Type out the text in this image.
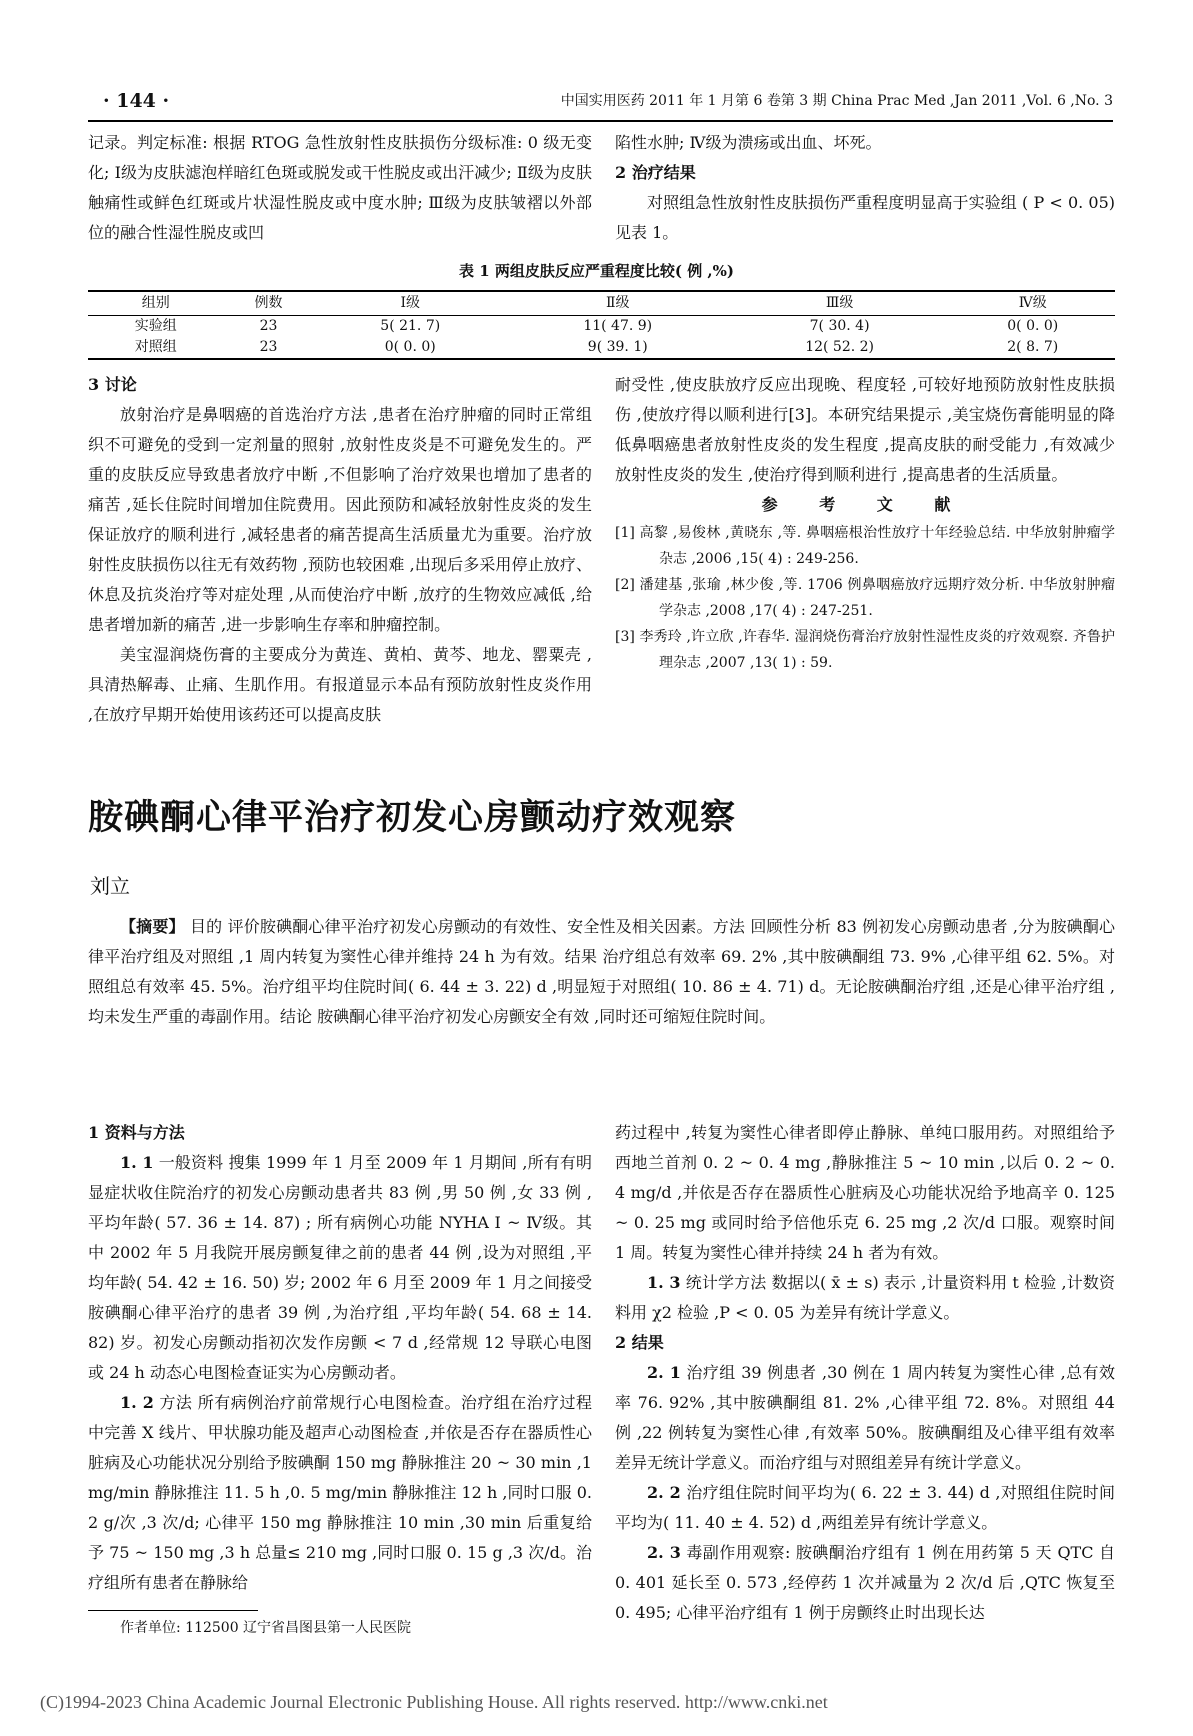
· 144 ·	中国实用医药 2011 年 1 月第 6 卷第 3 期 China Prac Med ,Jan 2011 ,Vol. 6 ,No. 3

记录。判定标准: 根据 RTOG 急性放射性皮肤损伤分级标准: 0 级无变化; Ⅰ级为皮肤滤泡样暗红色斑或脱发或干性脱皮或出汗减少; Ⅱ级为皮肤触痛性或鲜色红斑或片状湿性脱皮或中度水肿; Ⅲ级为皮肤皱褶以外部位的融合性湿性脱皮或凹

陷性水肿; Ⅳ级为溃疡或出血、坏死。

2 治疗结果

对照组急性放射性皮肤损伤严重程度明显高于实验组 ( P < 0. 05) 见表 1。

表 1 两组皮肤反应严重程度比较( 例 ,%)
组别	例数	Ⅰ级	Ⅱ级	Ⅲ级	Ⅳ级
实验组	23	5( 21. 7)	11( 47. 9)	7( 30. 4)	0( 0. 0)
对照组	23	0( 0. 0)	9( 39. 1)	12( 52. 2)	2( 8. 7)

3 讨论

放射治疗是鼻咽癌的首选治疗方法 ,患者在治疗肿瘤的同时正常组织不可避免的受到一定剂量的照射 ,放射性皮炎是不可避免发生的。严重的皮肤反应导致患者放疗中断 ,不但影响了治疗效果也增加了患者的痛苦 ,延长住院时间增加住院费用。因此预防和减轻放射性皮炎的发生保证放疗的顺利进行 ,减轻患者的痛苦提高生活质量尤为重要。治疗放射性皮肤损伤以往无有效药物 ,预防也较困难 ,出现后多采用停止放疗、休息及抗炎治疗等对症处理 ,从而使治疗中断 ,放疗的生物效应减低 ,给患者增加新的痛苦 ,进一步影响生存率和肿瘤控制。

美宝湿润烧伤膏的主要成分为黄连、黄柏、黄芩、地龙、罂粟壳 ,具清热解毒、止痛、生肌作用。有报道显示本品有预防放射性皮炎作用 ,在放疗早期开始使用该药还可以提高皮肤

耐受性 ,使皮肤放疗反应出现晚、程度轻 ,可较好地预防放射性皮肤损伤 ,使放疗得以顺利进行[3]。本研究结果提示 ,美宝烧伤膏能明显的降低鼻咽癌患者放射性皮炎的发生程度 ,提高皮肤的耐受能力 ,有效减少放射性皮炎的发生 ,使治疗得到顺利进行 ,提高患者的生活质量。

参 考 文 献

[1] 高黎 ,易俊林 ,黄晓东 ,等. 鼻咽癌根治性放疗十年经验总结. 中华放射肿瘤学杂志 ,2006 ,15( 4) : 249-256.

[2] 潘建基 ,张瑜 ,林少俊 ,等. 1706 例鼻咽癌放疗远期疗效分析. 中华放射肿瘤学杂志 ,2008 ,17( 4) : 247-251.

[3] 李秀玲 ,许立欣 ,许春华. 湿润烧伤膏治疗放射性湿性皮炎的疗效观察. 齐鲁护理杂志 ,2007 ,13( 1) : 59.

胺碘酮心律平治疗初发心房颤动疗效观察
刘立
【摘要】 目的 评价胺碘酮心律平治疗初发心房颤动的有效性、安全性及相关因素。方法 回顾性分析 83 例初发心房颤动患者 ,分为胺碘酮心律平治疗组及对照组 ,1 周内转复为窦性心律并维持 24 h 为有效。结果 治疗组总有效率 69. 2% ,其中胺碘酮组 73. 9% ,心律平组 62. 5%。对照组总有效率 45. 5%。治疗组平均住院时间( 6. 44 ± 3. 22) d ,明显短于对照组( 10. 86 ± 4. 71) d。无论胺碘酮治疗组 ,还是心律平治疗组 ,均未发生严重的毒副作用。结论 胺碘酮心律平治疗初发心房颤安全有效 ,同时还可缩短住院时间。

1 资料与方法

1. 1 一般资料 搜集 1999 年 1 月至 2009 年 1 月期间 ,所有有明显症状收住院治疗的初发心房颤动患者共 83 例 ,男 50 例 ,女 33 例 ,平均年龄( 57. 36 ± 14. 87) ; 所有病例心功能 NYHA Ⅰ ~ Ⅳ级。其中 2002 年 5 月我院开展房颤复律之前的患者 44 例 ,设为对照组 ,平均年龄( 54. 42 ± 16. 50) 岁; 2002 年 6 月至 2009 年 1 月之间接受胺碘酮心律平治疗的患者 39 例 ,为治疗组 ,平均年龄( 54. 68 ± 14. 82) 岁。初发心房颤动指初次发作房颤 < 7 d ,经常规 12 导联心电图或 24 h 动态心电图检查证实为心房颤动者。

1. 2 方法 所有病例治疗前常规行心电图检查。治疗组在治疗过程中完善 X 线片、甲状腺功能及超声心动图检查 ,并依是否存在器质性心脏病及心功能状况分别给予胺碘酮 150 mg 静脉推注 20 ~ 30 min ,1 mg/min 静脉推注 11. 5 h ,0. 5 mg/min 静脉推注 12 h ,同时口服 0. 2 g/次 ,3 次/d; 心律平 150 mg 静脉推注 10 min ,30 min 后重复给予 75 ~ 150 mg ,3 h 总量≤ 210 mg ,同时口服 0. 15 g ,3 次/d。治疗组所有患者在静脉给

药过程中 ,转复为窦性心律者即停止静脉、单纯口服用药。对照组给予西地兰首剂 0. 2 ~ 0. 4 mg ,静脉推注 5 ~ 10 min ,以后 0. 2 ~ 0. 4 mg/d ,并依是否存在器质性心脏病及心功能状况给予地高辛 0. 125 ~ 0. 25 mg 或同时给予倍他乐克 6. 25 mg ,2 次/d 口服。观察时间 1 周。转复为窦性心律并持续 24 h 者为有效。

1. 3 统计学方法 数据以( x̄ ± s) 表示 ,计量资料用 t 检验 ,计数资料用 χ2 检验 ,P < 0. 05 为差异有统计学意义。

2 结果

2. 1 治疗组 39 例患者 ,30 例在 1 周内转复为窦性心律 ,总有效率 76. 92% ,其中胺碘酮组 81. 2% ,心律平组 72. 8%。对照组 44 例 ,22 例转复为窦性心律 ,有效率 50%。胺碘酮组及心律平组有效率差异无统计学意义。而治疗组与对照组差异有统计学意义。

2. 2 治疗组住院时间平均为( 6. 22 ± 3. 44) d ,对照组住院时间平均为( 11. 40 ± 4. 52) d ,两组差异有统计学意义。

2. 3 毒副作用观察: 胺碘酮治疗组有 1 例在用药第 5 天 QTC 自 0. 401 延长至 0. 573 ,经停药 1 次并减量为 2 次/d 后 ,QTC 恢复至 0. 495; 心律平治疗组有 1 例于房颤终止时出现长达

作者单位: 112500 辽宁省昌图县第一人民医院
(C)1994-2023 China Academic Journal Electronic Publishing House. All rights reserved. http://www.cnki.net
